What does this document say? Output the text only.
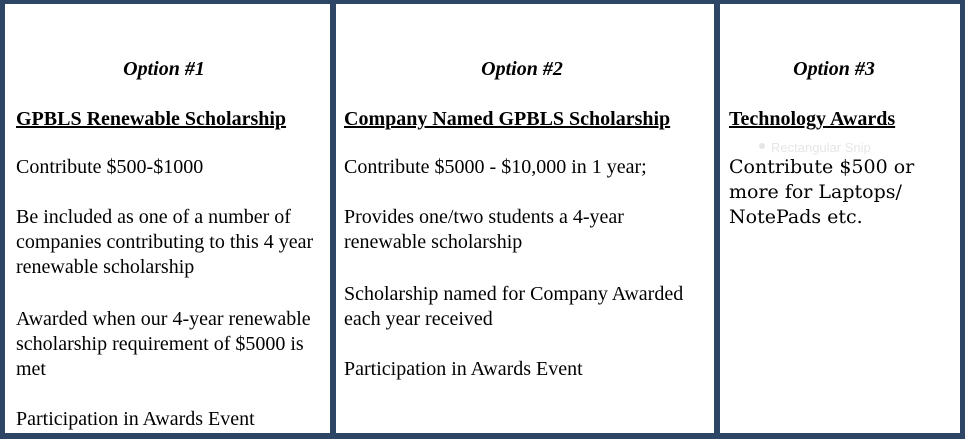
Option #1

GPBLS Renewable Scholarship

Contribute $500-$1000

Be included as one of a number of companies contributing to this 4 year renewable scholarship

Awarded when our 4-year renewable scholarship requirement of $5000 is met

Participation in Awards Event

Option #2

Company Named GPBLS Scholarship

Contribute $5000 - $10,000 in 1 year;

Provides one/two students a 4-year renewable scholarship

Scholarship named for Company Awarded each year received

Participation in Awards Event

Option #3

Technology Awards

Rectangular Snip

Contribute $500 or more for Laptops/ NotePads etc.
